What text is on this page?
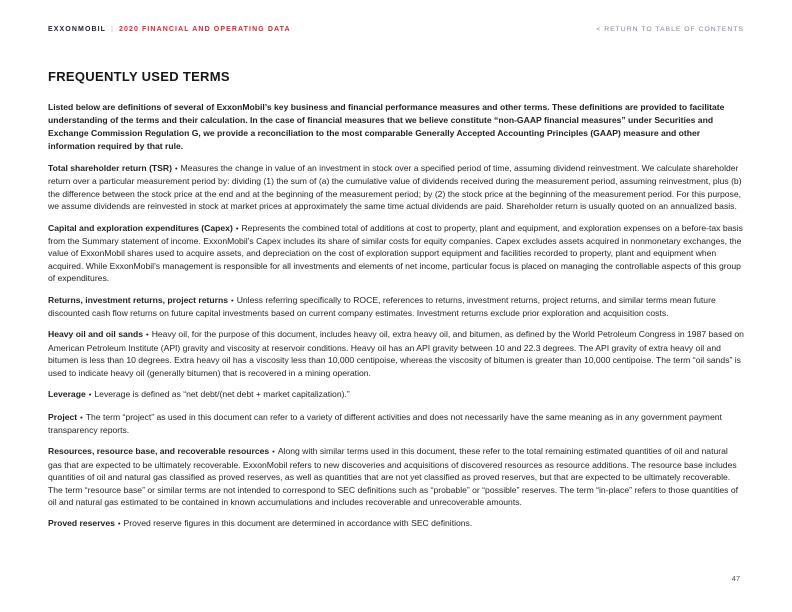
EXXONMOBIL | 2020 FINANCIAL AND OPERATING DATA	< RETURN TO TABLE OF CONTENTS
FREQUENTLY USED TERMS

Listed below are definitions of several of ExxonMobil’s key business and financial performance measures and other terms. These definitions are provided to facilitate understanding of the terms and their calculation. In the case of financial measures that we believe constitute “non-GAAP financial measures” under Securities and Exchange Commission Regulation G, we provide a reconciliation to the most comparable Generally Accepted Accounting Principles (GAAP) measure and other information required by that rule.

Total shareholder return (TSR) • Measures the change in value of an investment in stock over a specified period of time, assuming dividend reinvestment. We calculate shareholder return over a particular measurement period by: dividing (1) the sum of (a) the cumulative value of dividends received during the measurement period, assuming reinvestment, plus (b) the difference between the stock price at the end and at the beginning of the measurement period; by (2) the stock price at the beginning of the measurement period. For this purpose, we assume dividends are reinvested in stock at market prices at approximately the same time actual dividends are paid. Shareholder return is usually quoted on an annualized basis.

Capital and exploration expenditures (Capex) • Represents the combined total of additions at cost to property, plant and equipment, and exploration expenses on a before-tax basis from the Summary statement of income. ExxonMobil’s Capex includes its share of similar costs for equity companies. Capex excludes assets acquired in nonmonetary exchanges, the value of ExxonMobil shares used to acquire assets, and depreciation on the cost of exploration support equipment and facilities recorded to property, plant and equipment when acquired. While ExxonMobil’s management is responsible for all investments and elements of net income, particular focus is placed on managing the controllable aspects of this group of expenditures.

Returns, investment returns, project returns • Unless referring specifically to ROCE, references to returns, investment returns, project returns, and similar terms mean future discounted cash flow returns on future capital investments based on current company estimates. Investment returns exclude prior exploration and acquisition costs.

Heavy oil and oil sands • Heavy oil, for the purpose of this document, includes heavy oil, extra heavy oil, and bitumen, as defined by the World Petroleum Congress in 1987 based on American Petroleum Institute (API) gravity and viscosity at reservoir conditions. Heavy oil has an API gravity between 10 and 22.3 degrees. The API gravity of extra heavy oil and bitumen is less than 10 degrees. Extra heavy oil has a viscosity less than 10,000 centipoise, whereas the viscosity of bitumen is greater than 10,000 centipoise. The term “oil sands” is used to indicate heavy oil (generally bitumen) that is recovered in a mining operation.

Leverage • Leverage is defined as “net debt/(net debt + market capitalization).”

Project • The term “project” as used in this document can refer to a variety of different activities and does not necessarily have the same meaning as in any government payment transparency reports.

Resources, resource base, and recoverable resources • Along with similar terms used in this document, these refer to the total remaining estimated quantities of oil and natural gas that are expected to be ultimately recoverable. ExxonMobil refers to new discoveries and acquisitions of discovered resources as resource additions. The resource base includes quantities of oil and natural gas classified as proved reserves, as well as quantities that are not yet classified as proved reserves, but that are expected to be ultimately recoverable. The term “resource base” or similar terms are not intended to correspond to SEC definitions such as “probable” or “possible” reserves. The term “in-place” refers to those quantities of oil and natural gas estimated to be contained in known accumulations and includes recoverable and unrecoverable amounts.

Proved reserves • Proved reserve figures in this document are determined in accordance with SEC definitions.

47
